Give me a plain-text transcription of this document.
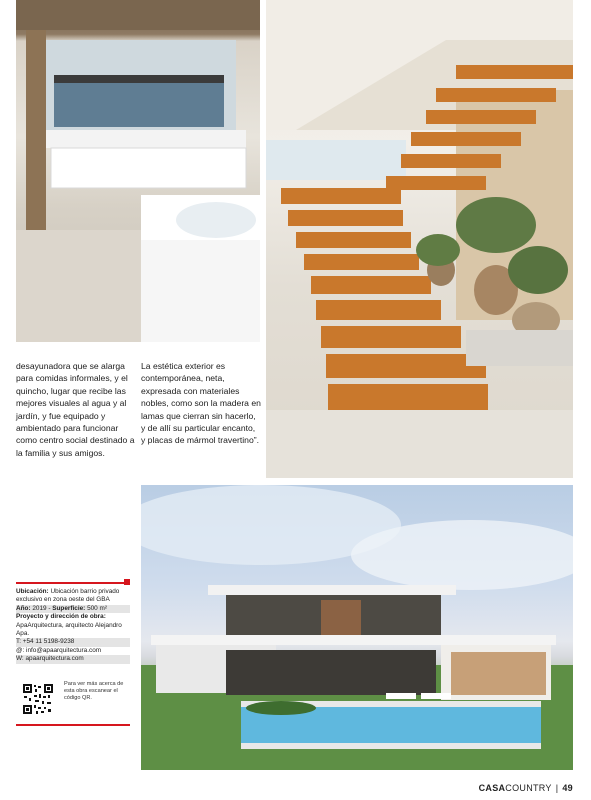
desayunadora que se alarga para comidas informales, y el quincho, lugar que recibe las mejores visuales al agua y al jardín, y fue equipado y ambientado para funcionar como centro social destinado a la familia y sus amigos.

La estética exterior es contemporánea, neta, expresada con materiales nobles, como son la madera en lamas que cierran sin hacerlo, y de allí su particular encanto, y placas de mármol travertino”.

Ubicación: Ubicación barrio privado exclusivo en zona oeste del GBA
Año: 2019 - Superficie: 500 m²
Proyecto y dirección de obra:
ApaArquitectura, arquitecto Alejandro Apa.
T: +54 11 5198-9238
@: info@apaarquitectura.com
W: apaarquitectura.com
Para ver más acerca de esta obra escanear el código QR.
CASACOUNTRY | 49
